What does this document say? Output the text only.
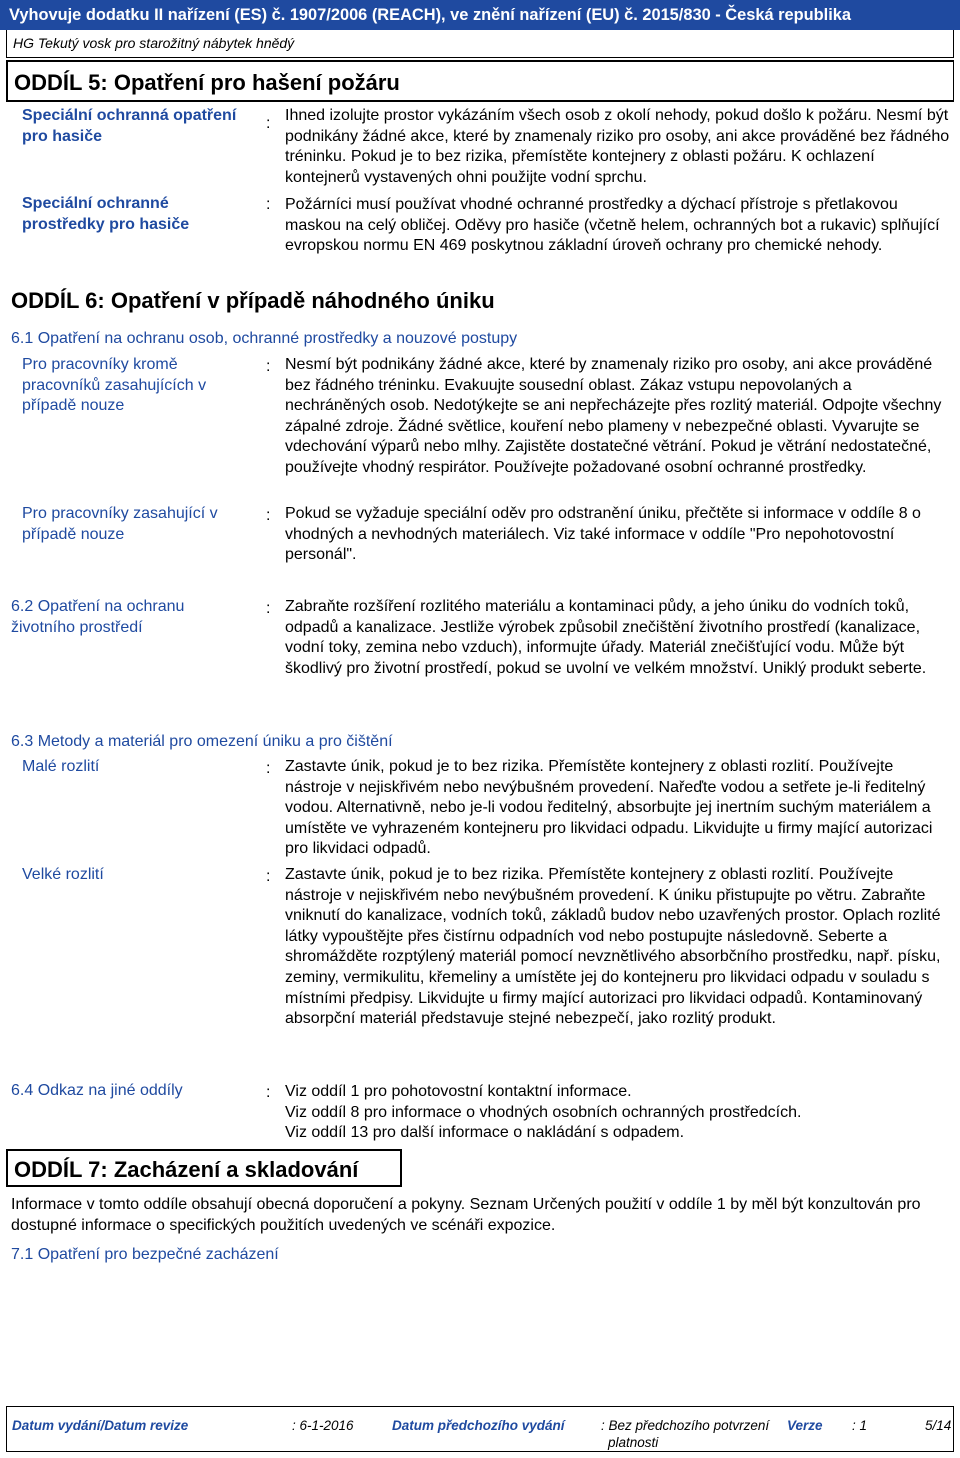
Vyhovuje dodatku II nařízení (ES) č. 1907/2006 (REACH), ve znění nařízení (EU) č. 2015/830 - Česká republika
HG Tekutý vosk pro starožitný nábytek hnědý
ODDÍL 5: Opatření pro hašení požáru
Speciální ochranná opatření pro hasiče
: Ihned izolujte prostor vykázáním všech osob z okolí nehody, pokud došlo k požáru. Nesmí být podnikány žádné akce, které by znamenaly riziko pro osoby, ani akce prováděné bez řádného tréninku. Pokud je to bez rizika, přemístěte kontejnery z oblasti požáru. K ochlazení kontejnerů vystavených ohni použijte vodní sprchu.
Speciální ochranné prostředky pro hasiče
: Požárníci musí používat vhodné ochranné prostředky a dýchací přístroje s přetlakovou maskou na celý obličej. Oděvy pro hasiče (včetně helem, ochranných bot a rukavic) splňující evropskou normu EN 469 poskytnou základní úroveň ochrany pro chemické nehody.
ODDÍL 6: Opatření v případě náhodného úniku
6.1 Opatření na ochranu osob, ochranné prostředky a nouzové postupy
Pro pracovníky kromě pracovníků zasahujících v případě nouze
: Nesmí být podnikány žádné akce, které by znamenaly riziko pro osoby, ani akce prováděné bez řádného tréninku. Evakuujte sousední oblast. Zákaz vstupu nepovolaných a nechráněných osob. Nedotýkejte se ani nepřecházejte přes rozlitý materiál. Odpojte všechny zápalné zdroje. Žádné světlice, kouření nebo plameny v nebezpečné oblasti. Vyvarujte se vdechování výparů nebo mlhy. Zajistěte dostatečné větrání. Pokud je větrání nedostatečné, používejte vhodný respirátor. Používejte požadované osobní ochranné prostředky.
Pro pracovníky zasahující v případě nouze
: Pokud se vyžaduje speciální oděv pro odstranění úniku, přečtěte si informace v oddíle 8 o vhodných a nevhodných materiálech. Viz také informace v oddíle "Pro nepohotovostní personál".
6.2 Opatření na ochranu životního prostředí
: Zabraňte rozšíření rozlitého materiálu a kontaminaci půdy, a jeho úniku do vodních toků, odpadů a kanalizace. Jestliže výrobek způsobil znečištění životního prostředí (kanalizace, vodní toky, zemina nebo vzduch), informujte úřady. Materiál znečišťující vodu. Může být škodlivý pro životní prostředí, pokud se uvolní ve velkém množství. Uniklý produkt seberte.
6.3 Metody a materiál pro omezení úniku a pro čištění
Malé rozlití	: Zastavte únik, pokud je to bez rizika. Přemístěte kontejnery z oblasti rozlití. Používejte nástroje v nejiskřivém nebo nevýbušném provedení. Nařeďte vodou a setřete je-li ředitelný vodou. Alternativně, nebo je-li vodou ředitelný, absorbujte jej inertním suchým materiálem a umístěte ve vyhrazeném kontejneru pro likvidaci odpadu. Likvidujte u firmy mající autorizaci pro likvidaci odpadů.
Velké rozlití	: Zastavte únik, pokud je to bez rizika. Přemístěte kontejnery z oblasti rozlití. Používejte nástroje v nejiskřivém nebo nevýbušném provedení. K úniku přistupujte po větru. Zabraňte vniknutí do kanalizace, vodních toků, základů budov nebo uzavřených prostor. Oplach rozlité látky vypouštějte přes čistírnu odpadních vod nebo postupujte následovně. Seberte a shromážděte rozptýlený materiál pomocí nevznětlivého absorbčního prostředku, např. písku, zeminy, vermikulitu, křemeliny a umístěte jej do kontejneru pro likvidaci odpadu v souladu s místními předpisy. Likvidujte u firmy mající autorizaci pro likvidaci odpadů. Kontaminovaný absorpční materiál představuje stejné nebezpečí, jako rozlitý produkt.
6.4 Odkaz na jiné oddíly	: Viz oddíl 1 pro pohotovostní kontaktní informace.
Viz oddíl 8 pro informace o vhodných osobních ochranných prostředcích.
Viz oddíl 13 pro další informace o nakládání s odpadem.
ODDÍL 7: Zacházení a skladování
Informace v tomto oddíle obsahují obecná doporučení a pokyny. Seznam Určených použití v oddíle 1 by měl být konzultován pro dostupné informace o specifických použitích uvedených ve scénáři expozice.
7.1 Opatření pro bezpečné zacházení
Datum vydání/Datum revize	: 6-1-2016	Datum předchozího vydání	: Bez předchozího potvrzení
platnosti
Verze : 1	5/14
